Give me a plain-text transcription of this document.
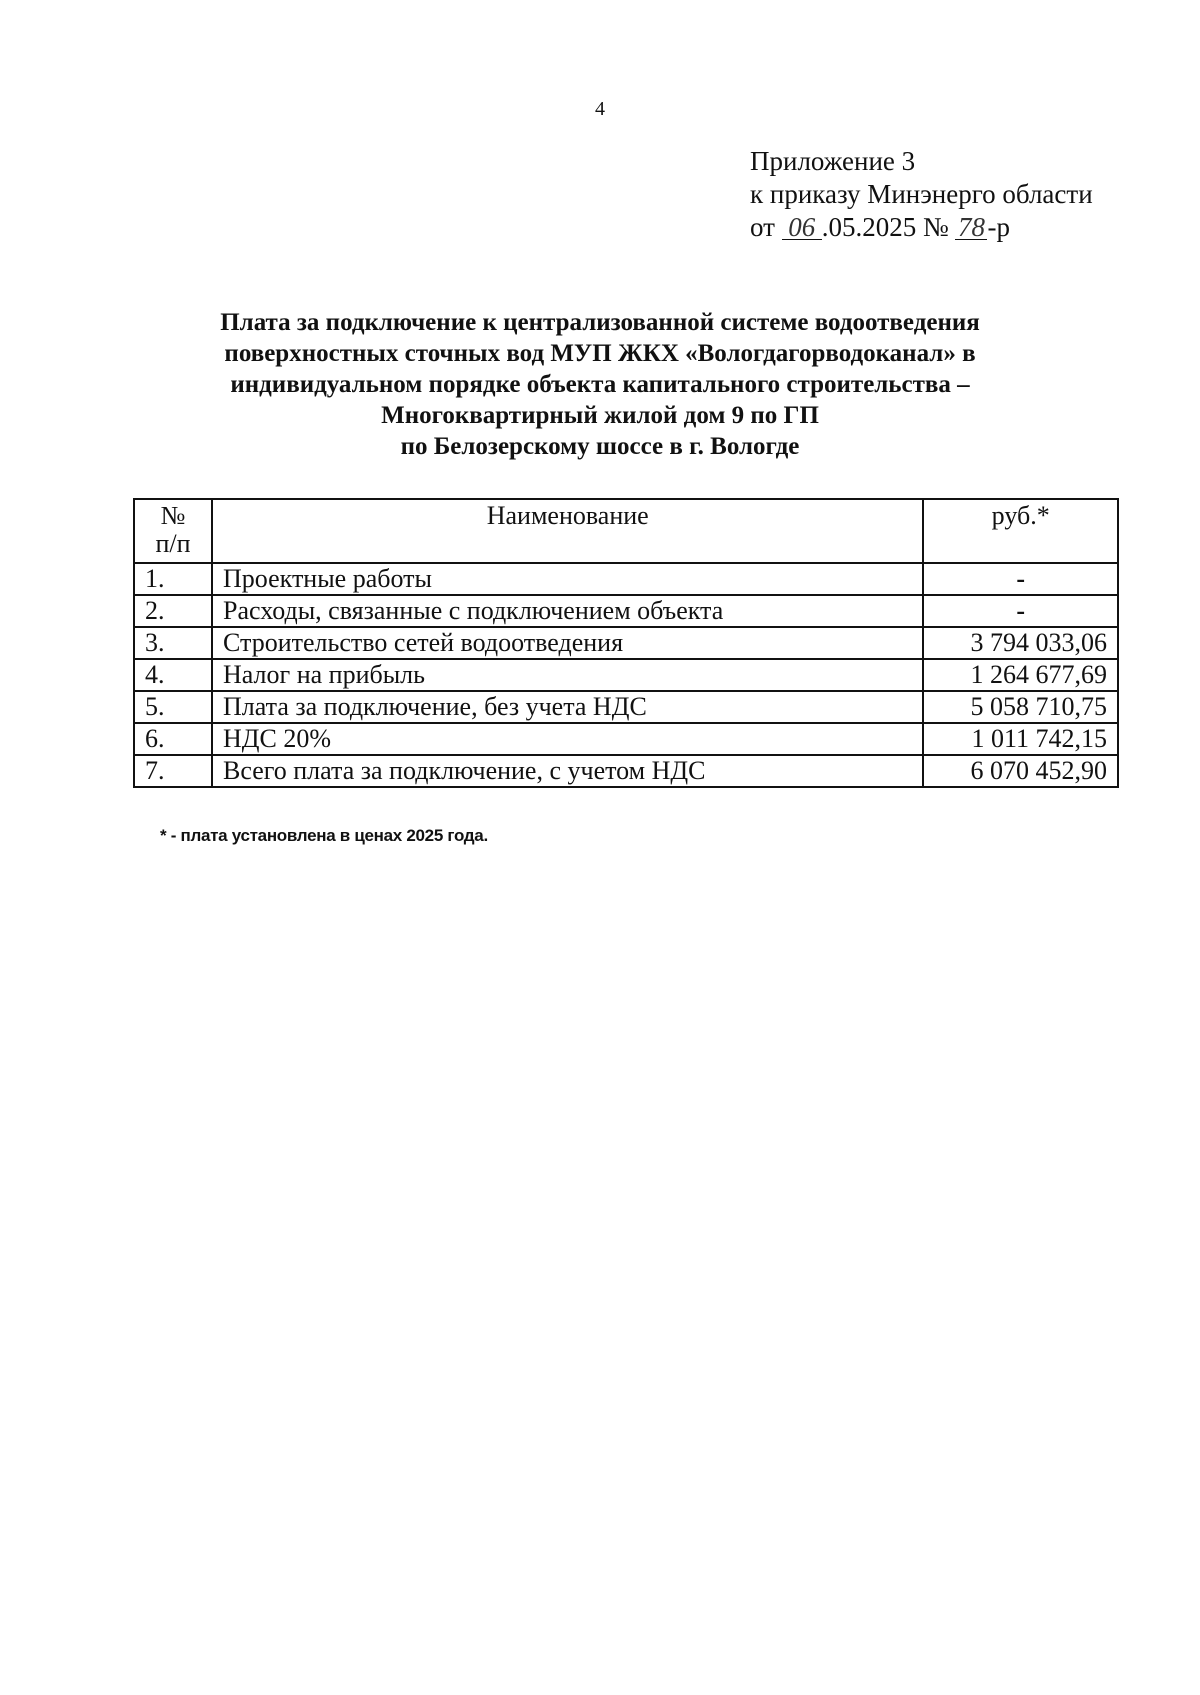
4
Приложение 3
к приказу Минэнерго области
от 06 .05.2025 № 78-р
Плата за подключение к централизованной системе водоотведения
поверхностных сточных вод МУП ЖКХ «Вологдагорводоканал» в
индивидуальном порядке объекта капитального строительства –
Многоквартирный жилой дом 9 по ГП
по Белозерскому шоссе в г. Вологде
№
п/п	Наименование	руб.*
1.	Проектные работы	-
2.	Расходы, связанные с подключением объекта	-
3.	Строительство сетей водоотведения	3 794 033,06
4.	Налог на прибыль	1 264 677,69
5.	Плата за подключение, без учета НДС	5 058 710,75
6.	НДС 20%	1 011 742,15
7.	Всего плата за подключение, с учетом НДС	6 070 452,90
* - плата установлена в ценах 2025 года.
